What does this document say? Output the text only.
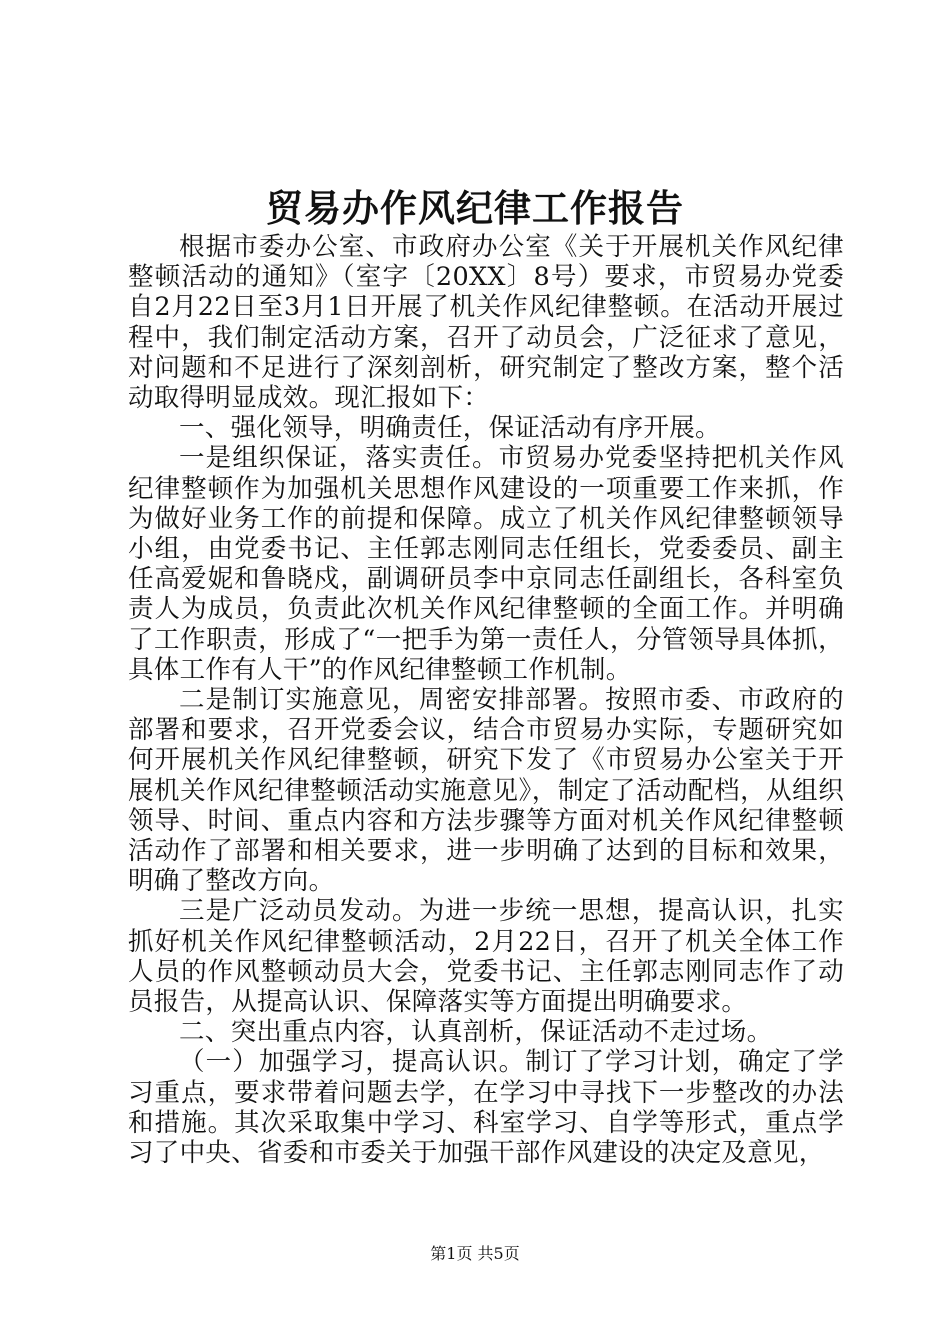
贸易办作风纪律工作报告

根据市委办公室、市政府办公室《关于开展机关作风纪律整顿活动的通知》（室字〔20XX〕8号）要求，市贸易办党委自2月22日至3月1日开展了机关作风纪律整顿。在活动开展过程中，我们制定活动方案，召开了动员会，广泛征求了意见，对问题和不足进行了深刻剖析，研究制定了整改方案，整个活动取得明显成效。现汇报如下：

一、强化领导，明确责任，保证活动有序开展。

一是组织保证，落实责任。市贸易办党委坚持把机关作风纪律整顿作为加强机关思想作风建设的一项重要工作来抓，作为做好业务工作的前提和保障。成立了机关作风纪律整顿领导小组，由党委书记、主任郭志刚同志任组长，党委委员、副主任高爱妮和鲁晓戍，副调研员李中京同志任副组长，各科室负责人为成员，负责此次机关作风纪律整顿的全面工作。并明确了工作职责，形成了“一把手为第一责任人，分管领导具体抓，具体工作有人干”的作风纪律整顿工作机制。

二是制订实施意见，周密安排部署。按照市委、市政府的部署和要求，召开党委会议，结合市贸易办实际，专题研究如何开展机关作风纪律整顿，研究下发了《市贸易办公室关于开展机关作风纪律整顿活动实施意见》，制定了活动配档，从组织领导、时间、重点内容和方法步骤等方面对机关作风纪律整顿活动作了部署和相关要求，进一步明确了达到的目标和效果，明确了整改方向。

三是广泛动员发动。为进一步统一思想，提高认识，扎实抓好机关作风纪律整顿活动，2月22日，召开了机关全体工作人员的作风整顿动员大会，党委书记、主任郭志刚同志作了动员报告，从提高认识、保障落实等方面提出明确要求。

二、突出重点内容，认真剖析，保证活动不走过场。

（一）加强学习，提高认识。制订了学习计划，确定了学习重点，要求带着问题去学，在学习中寻找下一步整改的办法和措施。其次采取集中学习、科室学习、自学等形式，重点学习了中央、省委和市委关于加强干部作风建设的决定及意见，

第1页 共5页
